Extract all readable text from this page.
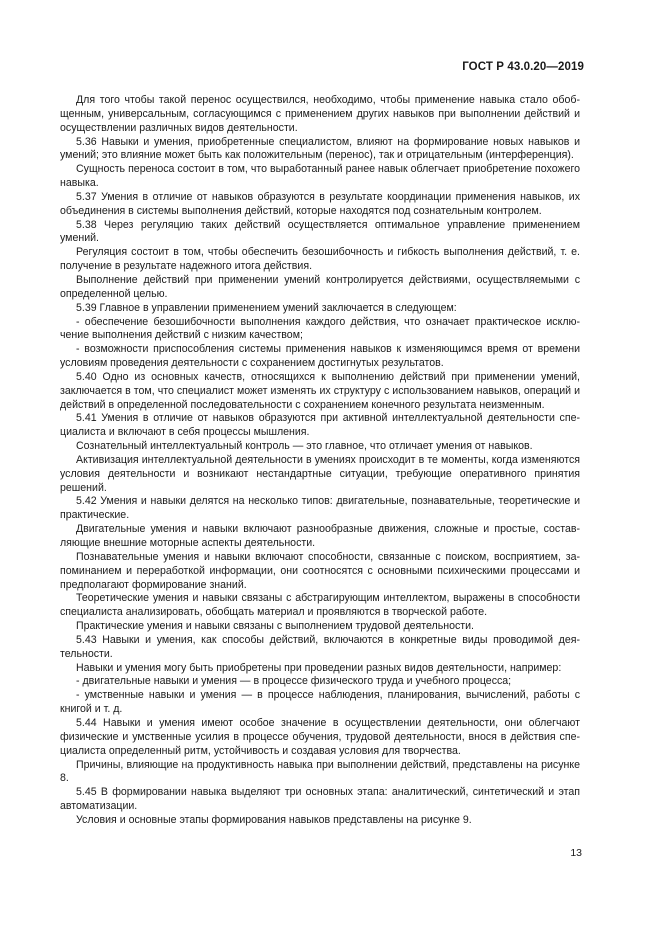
ГОСТ Р 43.0.20—2019

Для того чтобы такой перенос осуществился, необходимо, чтобы применение навыка стало обобщенным, универсальным, согласующимся с применением других навыков при выполнении действий и осуществлении различных видов деятельности.

5.36 Навыки и умения, приобретенные специалистом, влияют на формирование новых навыков и умений; это влияние может быть как положительным (перенос), так и отрицательным (интерференция).

Сущность переноса состоит в том, что выработанный ранее навык облегчает приобретение похожего навыка.

5.37 Умения в отличие от навыков образуются в результате координации применения навыков, их объединения в системы выполнения действий, которые находятся под сознательным контролем.

5.38 Через регуляцию таких действий осуществляется оптимальное управление применением умений.

Регуляция состоит в том, чтобы обеспечить безошибочность и гибкость выполнения действий, т. е. получение в результате надежного итога действия.

Выполнение действий при применении умений контролируется действиями, осуществляемыми с определенной целью.

5.39 Главное в управлении применением умений заключается в следующем:

- обеспечение безошибочности выполнения каждого действия, что означает практическое исключение выполнения действий с низким качеством;

- возможности приспособления системы применения навыков к изменяющимся время от времени условиям проведения деятельности с сохранением достигнутых результатов.

5.40 Одно из основных качеств, относящихся к выполнению действий при применении умений, заключается в том, что специалист может изменять их структуру с использованием навыков, операций и действий в определенной последовательности с сохранением конечного результата неизменным.

5.41 Умения в отличие от навыков образуются при активной интеллектуальной деятельности специалиста и включают в себя процессы мышления.

Сознательный интеллектуальный контроль — это главное, что отличает умения от навыков.

Активизация интеллектуальной деятельности в умениях происходит в те моменты, когда изменяются условия деятельности и возникают нестандартные ситуации, требующие оперативного принятия решений.

5.42 Умения и навыки делятся на несколько типов: двигательные, познавательные, теоретические и практические.

Двигательные умения и навыки включают разнообразные движения, сложные и простые, составляющие внешние моторные аспекты деятельности.

Познавательные умения и навыки включают способности, связанные с поиском, восприятием, запоминанием и переработкой информации, они соотносятся с основными психическими процессами и предполагают формирование знаний.

Теоретические умения и навыки связаны с абстрагирующим интеллектом, выражены в способности специалиста анализировать, обобщать материал и проявляются в творческой работе.

Практические умения и навыки связаны с выполнением трудовой деятельности.

5.43 Навыки и умения, как способы действий, включаются в конкретные виды проводимой деятельности.

Навыки и умения могу быть приобретены при проведении разных видов деятельности, например:

- двигательные навыки и умения — в процессе физического труда и учебного процесса;

- умственные навыки и умения — в процессе наблюдения, планирования, вычислений, работы с книгой и т. д.

5.44 Навыки и умения имеют особое значение в осуществлении деятельности, они облегчают физические и умственные усилия в процессе обучения, трудовой деятельности, внося в действия специалиста определенный ритм, устойчивость и создавая условия для творчества.

Причины, влияющие на продуктивность навыка при выполнении действий, представлены на рисунке 8.

5.45 В формировании навыка выделяют три основных этапа: аналитический, синтетический и этап автоматизации.

Условия и основные этапы формирования навыков представлены на рисунке 9.

13
